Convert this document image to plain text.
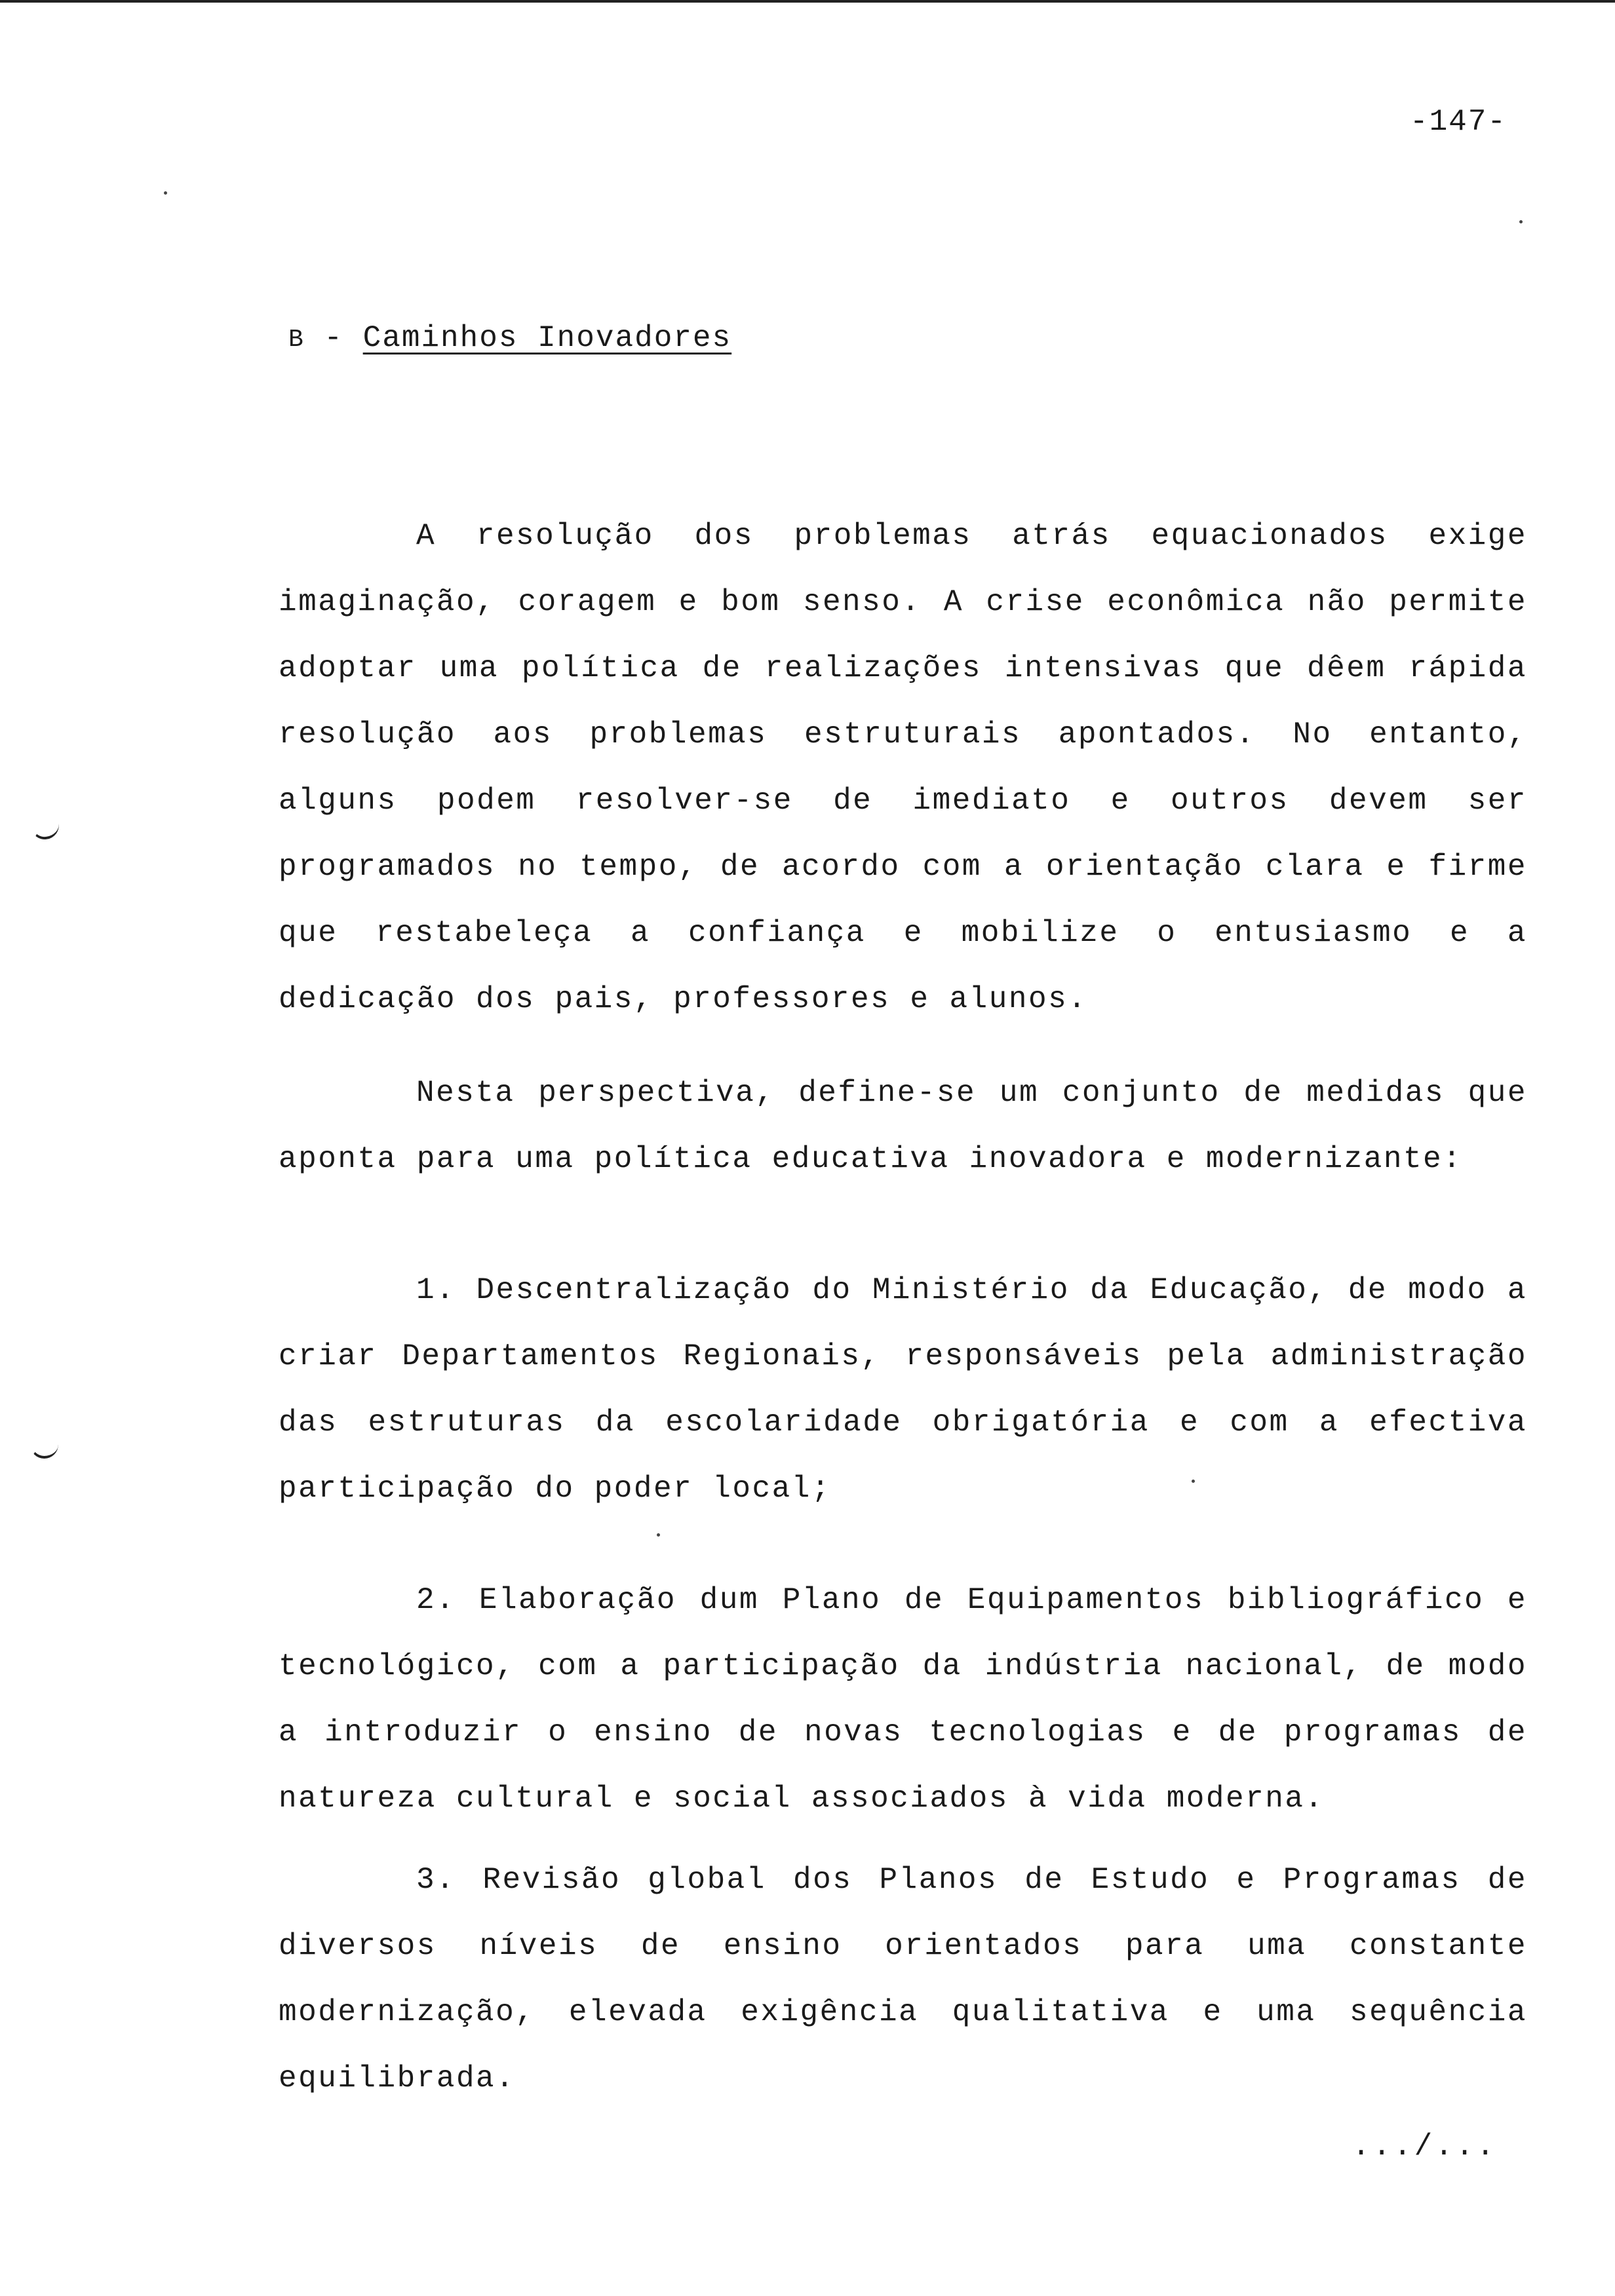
-147-
B - Caminhos Inovadores

A resolução dos problemas atrás equacionados exige imaginação, coragem e bom senso. A crise econômica não permite adoptar uma política de realizações intensivas que dêem rápida resolução aos problemas estruturais apontados. No entanto, alguns podem resolver-se de imediato e outros devem ser programados no tempo, de acordo com a orientação clara e firme que restabeleça a confiança e mobilize o entusiasmo e a dedicação dos pais, professores e alunos.

Nesta perspectiva, define-se um conjunto de medidas que aponta para uma política educativa inovadora e modernizante:

1. Descentralização do Ministério da Educação, de modo a criar Departamentos Regionais, responsáveis pela administração das estruturas da escolaridade obrigatória e com a efectiva participação do poder local;

2. Elaboração dum Plano de Equipamentos bibliográfico e tecnológico, com a participação da indústria nacional, de modo a introduzir o ensino de novas tecnologias e de programas de natureza cultural e social associados à vida moderna.

3. Revisão global dos Planos de Estudo e Programas de diversos níveis de ensino orientados para uma constante modernização, elevada exigência qualitativa e uma sequência equilibrada.

.../...
